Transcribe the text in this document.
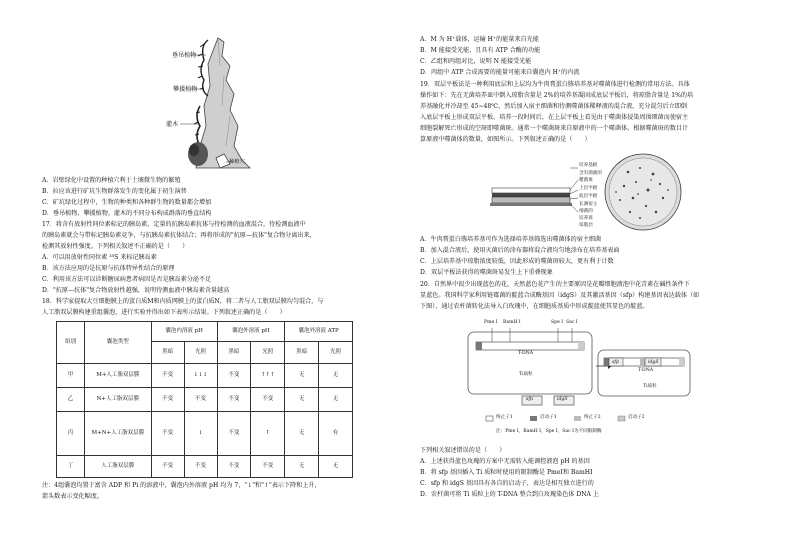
垂吊植物
攀援植物
灌木
种植穴
A．岩壁绿化中设置的种植穴利于土壤微生物的繁殖
B．拉应该进行矿坑生物群落发生的变化属于初生演替
C．矿坑绿化过程中，生物的种类和各种群生物的数量都会增加
D．垂吊植物、攀援植物、灌木的不同分布构成群落的垂直结构
17．将含有放射性同位素标记的胰岛素、定量的抗胰岛素抗体与待检测的血液混合，待检测血液中
的胰岛素就会与带标记胰岛素竞争，与抗胰岛素抗体结合；再将形成的"抗原—抗体"复合物分离出来，
检测其放射性强度。下列相关叙述不正确的是（　　）
A．可以用放射性同位素 ³⁵S 来标记胰岛素
B．该方法应用的是抗原与抗体特异性结合的原理
C．利用该方法可以诊断糖尿病患者病因是否是胰岛素分泌不足
D．"抗原—抗体"复合物放射性越强，说明待测血液中胰岛素含量越高
18．科学家提取大豆细胞膜上的蛋白质M和内质网膜上的蛋白质N，将二者与人工脂双层膜均匀混合，与
人工脂双层膜构建重组囊泡，进行实验并得出如下表所示结果。下列叙述正确的是（　　）
组别	囊泡类型	囊泡内溶液 pH		囊泡外溶液 pH		囊泡外溶液 ATP	
		黑暗	光照	黑暗	光照	黑暗	光照
甲	M+人工脂双层膜	不变	↓↓↓	不变	↑↑↑	无	无
乙	N+人工脂双层膜	不变	不变	不变	不变	无	无
丙	M+N+人工脂双层膜	不变	↓	不变	↑	无	有
丁	人工脂双层膜	不变	不变	不变	不变	无	无
注：4组囊泡均置于富含 ADP 和 Pi 的溶液中，囊泡内外溶液 pH 均为 7，"↓"和"↑"表示下降和上升，
箭头数表示变化幅度。
A．M 为 H⁺载体，运输 H⁺的能量来自光能
B．M 能接受光能，且具有 ATP 合酶的功能
C．乙组和丙组对比，说明 N 能接受光能
D．丙组中 ATP 合成需要的能量可能来自囊泡内 H⁺的内流
19．双层平板法是一种利用底层和上层均为牛肉膏蛋白胨培养基对噬菌体进行检测的常用方法。具体
操作如下：先在无菌培养皿中倒入琼脂含量是 2%的培养基凝固成底层平板后，将琼脂含量是 1%的培
养基融化并冷却至 45~48℃，然后加入宿主细菌和待测噬菌体稀释液的混合液，充分混匀后立即倒
入底层平板上形成双层平板。培养一段时间后，在上层平板上看见由于噬菌体侵染周围细菌而使宿主
细胞裂解死亡形成的空斑即噬菌斑。通常一个噬菌斑来自原液中的一个噬菌体。根据噬菌斑的数目计
算原液中噬菌体的数量，如图所示。下列叙述正确的是（　　）
培养基板
含有菌液的
噬菌斑
上层平板
底层平板
长满宿主
细菌的
培养皿
琼脂层
A．牛肉膏蛋白胨培养基可作为选择培养基筛选出噬菌体的宿主细菌
B．加入混合液后，使用灭菌后的涂布器将混合液均匀地涂布在培养基表面
C．上层培养基中琼脂浓度较低，因此形成的噬菌斑较大，更有利于计数
D．双层平板法获得的噬菌斑易发生上下重叠现象
20．自然界中很少出现蓝色的花，天然蓝色花产生的主要原因是花瓣细胞液泡中花青素在碱性条件下
显蓝色。我国科学家利用链霉菌的靛蓝合成酶基因（idgS）及其激活基因（sfp）构建基因表达载体（如
下图），通过农杆菌转化法导入白玫瑰中，在细胞质基质中形成靛蓝使其显色的靛蓝。
Pme Ⅰ BamH Ⅰ	Spe Ⅰ Sac Ⅰ
T-DNA
Ti质粒
T-DNA
Ti质粒
sfp	idgS
sfp	idgS
终止子1	启动子1	终止子2	启动子2
注：Pme Ⅰ，BamH Ⅰ，Spe Ⅰ，Sac Ⅰ为不同限制酶
下列相关叙述错误的是（　　）
A．上述获得蓝色玫瑰的方案中无需转入能调控液泡 pH 的基因
B．将 sfp 基因插入 Ti 质粒时使用的限制酶是 PmeⅠ和 BamHⅠ
C．sfp 和 idgS 基因具有各自的启动子，表达是相互独立进行的
D．农杆菌可将 Ti 质粒上的 T-DNA 整合到白玫瑰染色体 DNA 上
